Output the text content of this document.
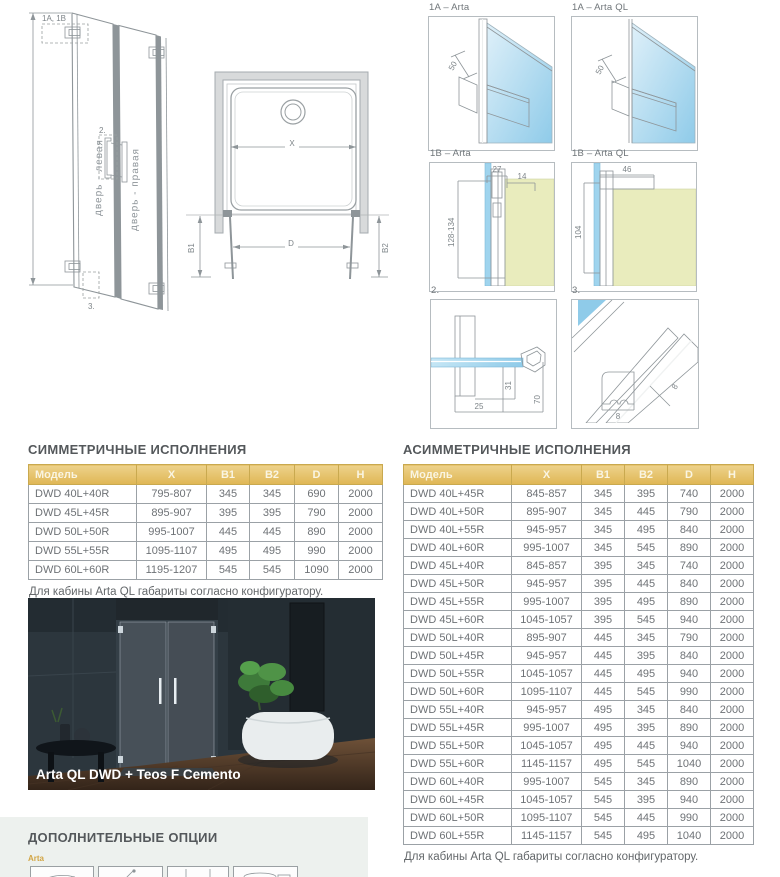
1A, 1B
2.
3.
дверь - левая дверь - правая
X
B1	D	B2
1A – Arta
50
1A – Arta QL
50
1B – Arta
27
14
128-134
1B – Arta QL
46
104
2.
31
25
70
3.
8
8
СИММЕТРИЧНЫЕ ИСПОЛНЕНИЯ
Модель	X	B1	B2	D	H
DWD 40L+40R	795-807	345	345	690	2000
DWD 45L+45R	895-907	395	395	790	2000
DWD 50L+50R	995-1007	445	445	890	2000
DWD 55L+55R	1095-1107	495	495	990	2000
DWD 60L+60R	1195-1207	545	545	1090	2000

Для кабины Arta QL габариты согласно конфигуратору.

АСИММЕТРИЧНЫЕ ИСПОЛНЕНИЯ
Модель	X	B1	B2	D	H
DWD 40L+45R	845-857	345	395	740	2000
DWD 40L+50R	895-907	345	445	790	2000
DWD 40L+55R	945-957	345	495	840	2000
DWD 40L+60R	995-1007	345	545	890	2000
DWD 45L+40R	845-857	395	345	740	2000
DWD 45L+50R	945-957	395	445	840	2000
DWD 45L+55R	995-1007	395	495	890	2000
DWD 45L+60R	1045-1057	395	545	940	2000
DWD 50L+40R	895-907	445	345	790	2000
DWD 50L+45R	945-957	445	395	840	2000
DWD 50L+55R	1045-1057	445	495	940	2000
DWD 50L+60R	1095-1107	445	545	990	2000
DWD 55L+40R	945-957	495	345	840	2000
DWD 55L+45R	995-1007	495	395	890	2000
DWD 55L+50R	1045-1057	495	445	940	2000
DWD 55L+60R	1145-1157	495	545	1040	2000
DWD 60L+40R	995-1007	545	345	890	2000
DWD 60L+45R	1045-1057	545	395	940	2000
DWD 60L+50R	1095-1107	545	445	990	2000
DWD 60L+55R	1145-1157	545	495	1040	2000

Для кабины Arta QL габариты согласно конфигуратору.

Arta QL DWD + Teos F Cemento
ДОПОЛНИТЕЛЬНЫЕ ОПЦИИ
Arta
